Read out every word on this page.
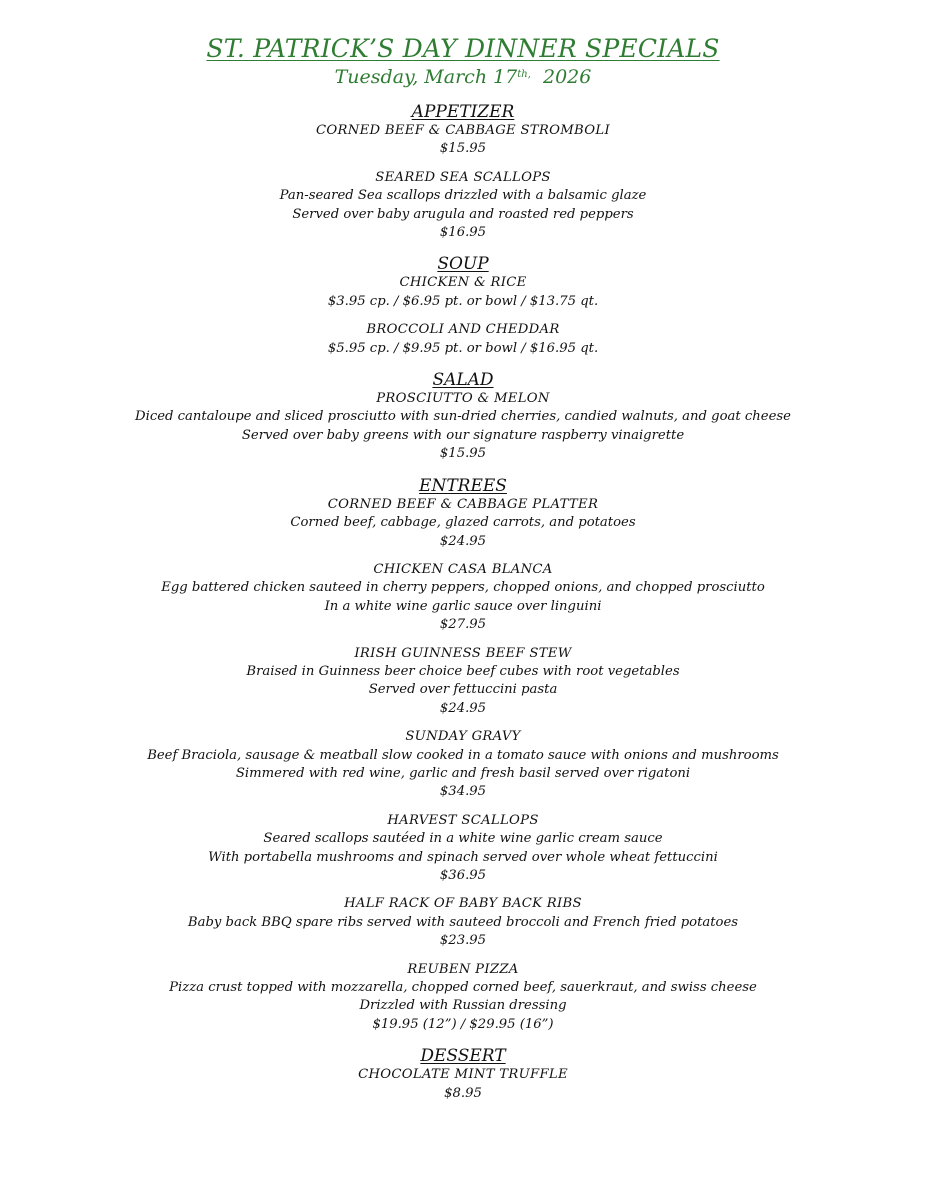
ST. PATRICK’S DAY DINNER SPECIALS
Tuesday, March $17^{th,}$  2026
APPETIZER
CORNED BEEF & CABBAGE STROMBOLI
$15.95
SEARED SEA SCALLOPS
Pan-seared Sea scallops drizzled with a balsamic glaze
Served over baby arugula and roasted red peppers
$16.95
SOUP
CHICKEN & RICE
$3.95 cp. / $6.95 pt. or bowl / $13.75 qt.
BROCCOLI AND CHEDDAR
$5.95 cp. / $9.95 pt. or bowl / $16.95 qt.
SALAD
PROSCIUTTO & MELON
Diced cantaloupe and sliced prosciutto with sun-dried cherries, candied walnuts, and goat cheese
Served over baby greens with our signature raspberry vinaigrette
$15.95
ENTREES
CORNED BEEF & CABBAGE PLATTER
Corned beef, cabbage, glazed carrots, and potatoes
$24.95
CHICKEN CASA BLANCA
Egg battered chicken sauteed in cherry peppers, chopped onions, and chopped prosciutto
In a white wine garlic sauce over linguini
$27.95
IRISH GUINNESS BEEF STEW
Braised in Guinness beer choice beef cubes with root vegetables
Served over fettuccini pasta
$24.95
SUNDAY GRAVY
Beef Braciola, sausage & meatball slow cooked in a tomato sauce with onions and mushrooms
Simmered with red wine, garlic and fresh basil served over rigatoni
$34.95
HARVEST SCALLOPS
Seared scallops sautéed in a white wine garlic cream sauce
With portabella mushrooms and spinach served over whole wheat fettuccini
$36.95
HALF RACK OF BABY BACK RIBS
Baby back BBQ spare ribs served with sauteed broccoli and French fried potatoes
$23.95
REUBEN PIZZA
Pizza crust topped with mozzarella, chopped corned beef, sauerkraut, and swiss cheese
Drizzled with Russian dressing
$19.95 (12”) / $29.95 (16”)
DESSERT
CHOCOLATE MINT TRUFFLE
$8.95
